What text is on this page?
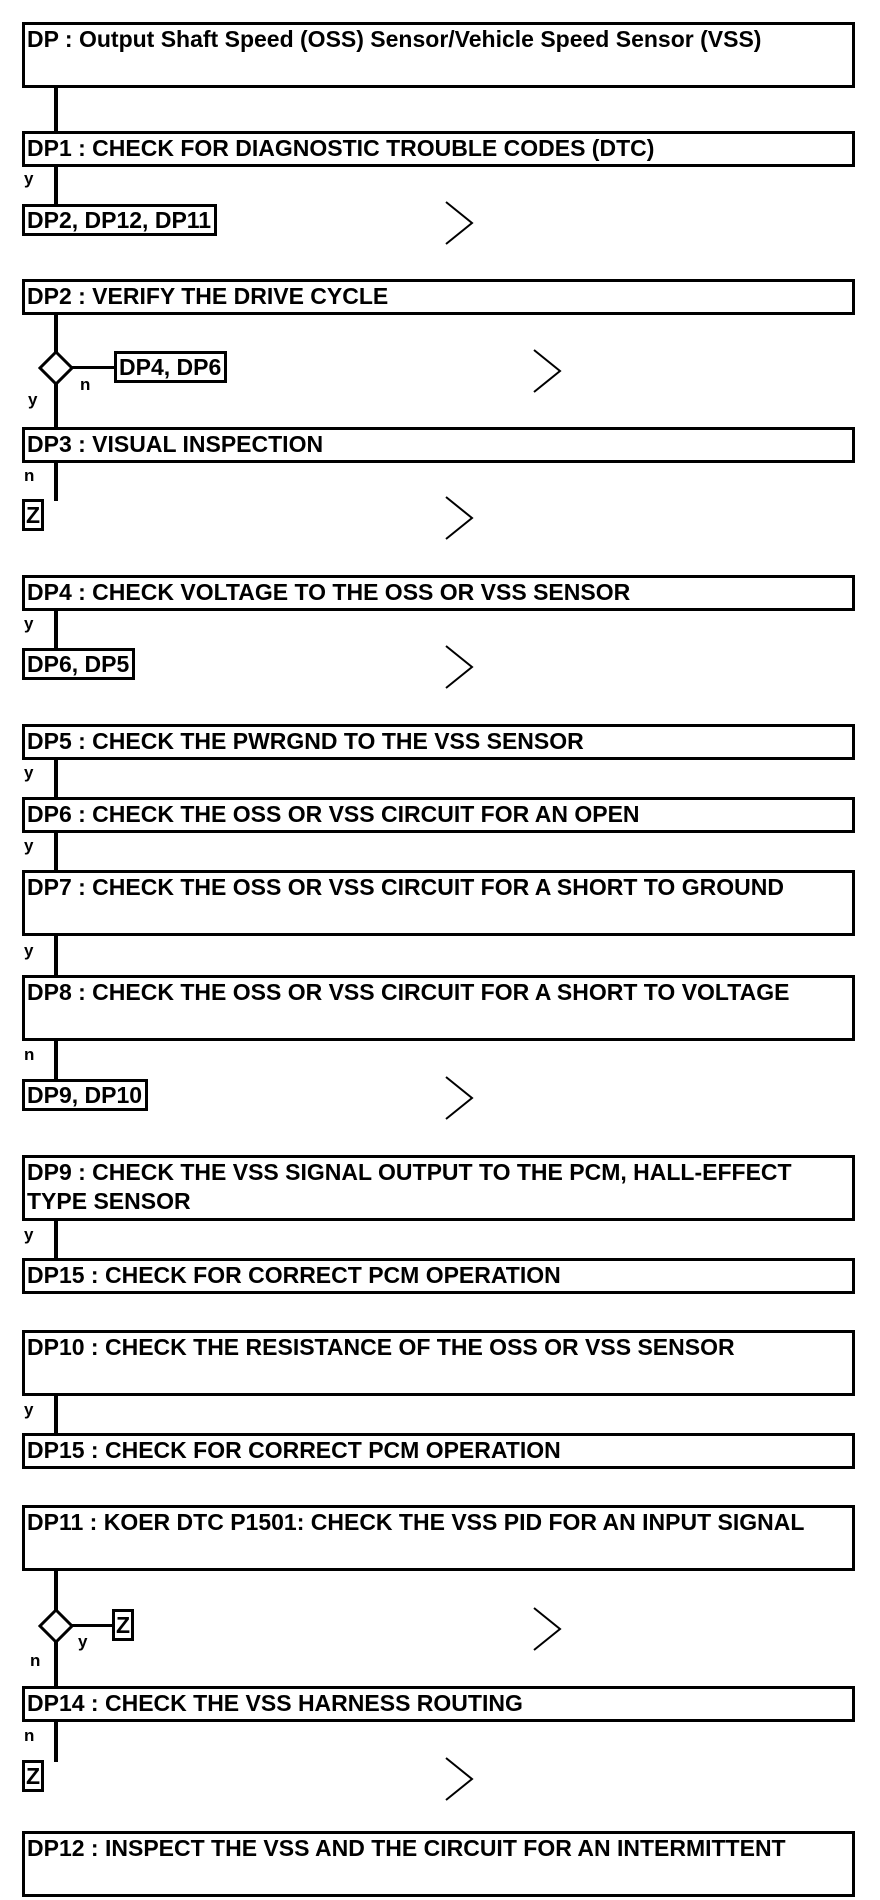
DP : Output Shaft Speed (OSS) Sensor/Vehicle Speed Sensor (VSS)
DP1 : CHECK FOR DIAGNOSTIC TROUBLE CODES (DTC)
y
DP2, DP12, DP11
DP2 : VERIFY THE DRIVE CYCLE
n
y
DP4, DP6
DP3 : VISUAL INSPECTION
n
Z
DP4 : CHECK VOLTAGE TO THE OSS OR VSS SENSOR
y
DP6, DP5
DP5 : CHECK THE PWRGND TO THE VSS SENSOR
y
DP6 : CHECK THE OSS OR VSS CIRCUIT FOR AN OPEN
y
DP7 : CHECK THE OSS OR VSS CIRCUIT FOR A SHORT TO GROUND
y
DP8 : CHECK THE OSS OR VSS CIRCUIT FOR A SHORT TO VOLTAGE
n
DP9, DP10
DP9 : CHECK THE VSS SIGNAL OUTPUT TO THE PCM, HALL-EFFECT TYPE SENSOR
y
DP15 : CHECK FOR CORRECT PCM OPERATION
DP10 : CHECK THE RESISTANCE OF THE OSS OR VSS SENSOR
y
DP15 : CHECK FOR CORRECT PCM OPERATION
DP11 : KOER DTC P1501: CHECK THE VSS PID FOR AN INPUT SIGNAL
y
n
Z
DP14 : CHECK THE VSS HARNESS ROUTING
n
Z
DP12 : INSPECT THE VSS AND THE CIRCUIT FOR AN INTERMITTENT
